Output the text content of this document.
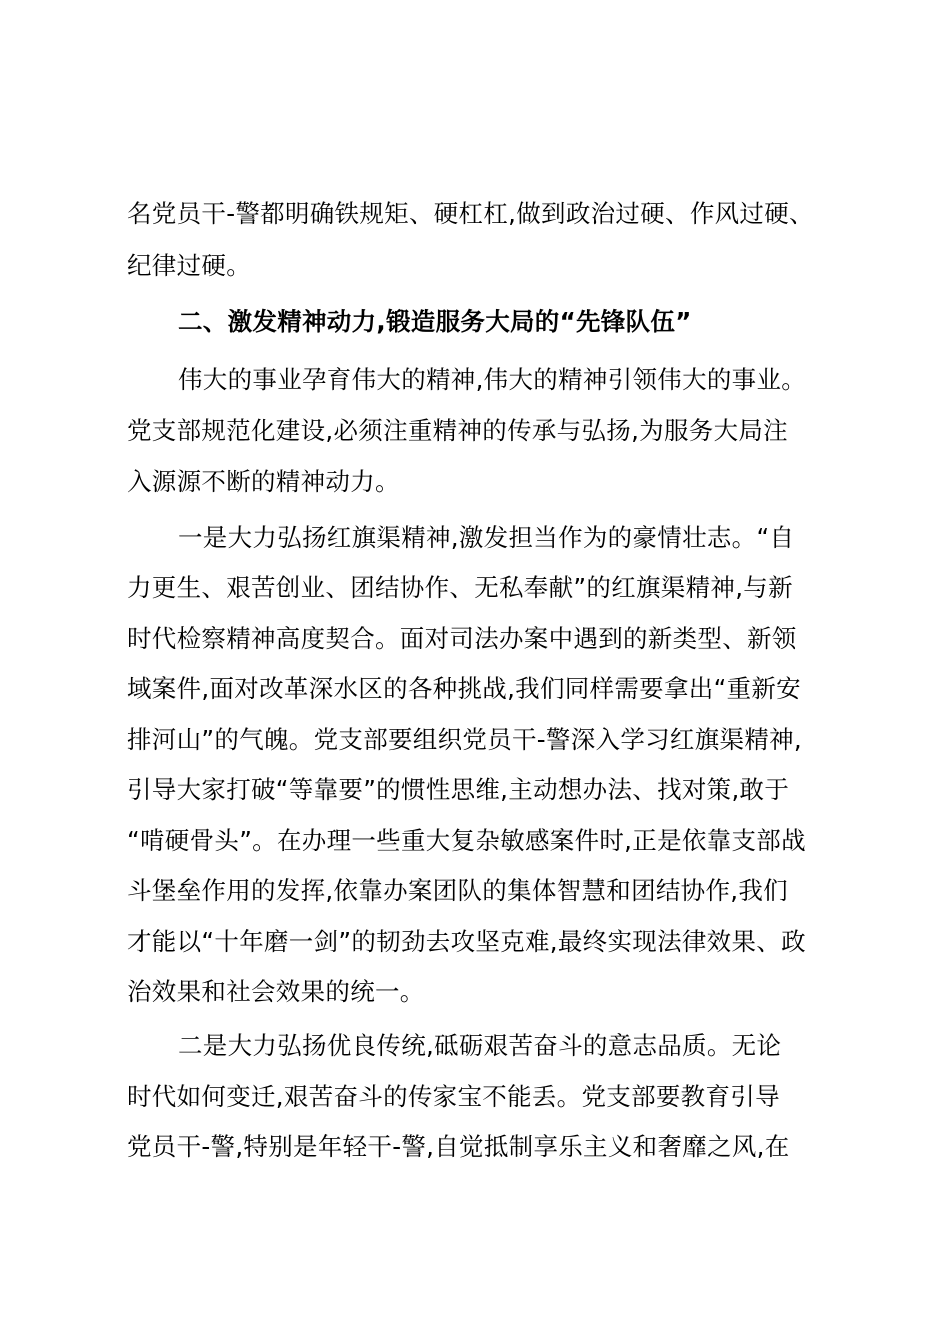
名党员干-警都明确铁规矩、硬杠杠,做到政治过硬、作风过硬、
纪律过硬。
二、激发精神动力,锻造服务大局的“先锋队伍”
伟大的事业孕育伟大的精神,伟大的精神引领伟大的事业。
党支部规范化建设,必须注重精神的传承与弘扬,为服务大局注
入源源不断的精神动力。
一是大力弘扬红旗渠精神,激发担当作为的豪情壮志。“自
力更生、艰苦创业、团结协作、无私奉献”的红旗渠精神,与新
时代检察精神高度契合。面对司法办案中遇到的新类型、新领
域案件,面对改革深水区的各种挑战,我们同样需要拿出“重新安
排河山”的气魄。党支部要组织党员干-警深入学习红旗渠精神,
引导大家打破“等靠要”的惯性思维,主动想办法、找对策,敢于
“啃硬骨头”。在办理一些重大复杂敏感案件时,正是依靠支部战
斗堡垒作用的发挥,依靠办案团队的集体智慧和团结协作,我们
才能以“十年磨一剑”的韧劲去攻坚克难,最终实现法律效果、政
治效果和社会效果的统一。
二是大力弘扬优良传统,砥砺艰苦奋斗的意志品质。无论
时代如何变迁,艰苦奋斗的传家宝不能丢。党支部要教育引导
党员干-警,特别是年轻干-警,自觉抵制享乐主义和奢靡之风,在
